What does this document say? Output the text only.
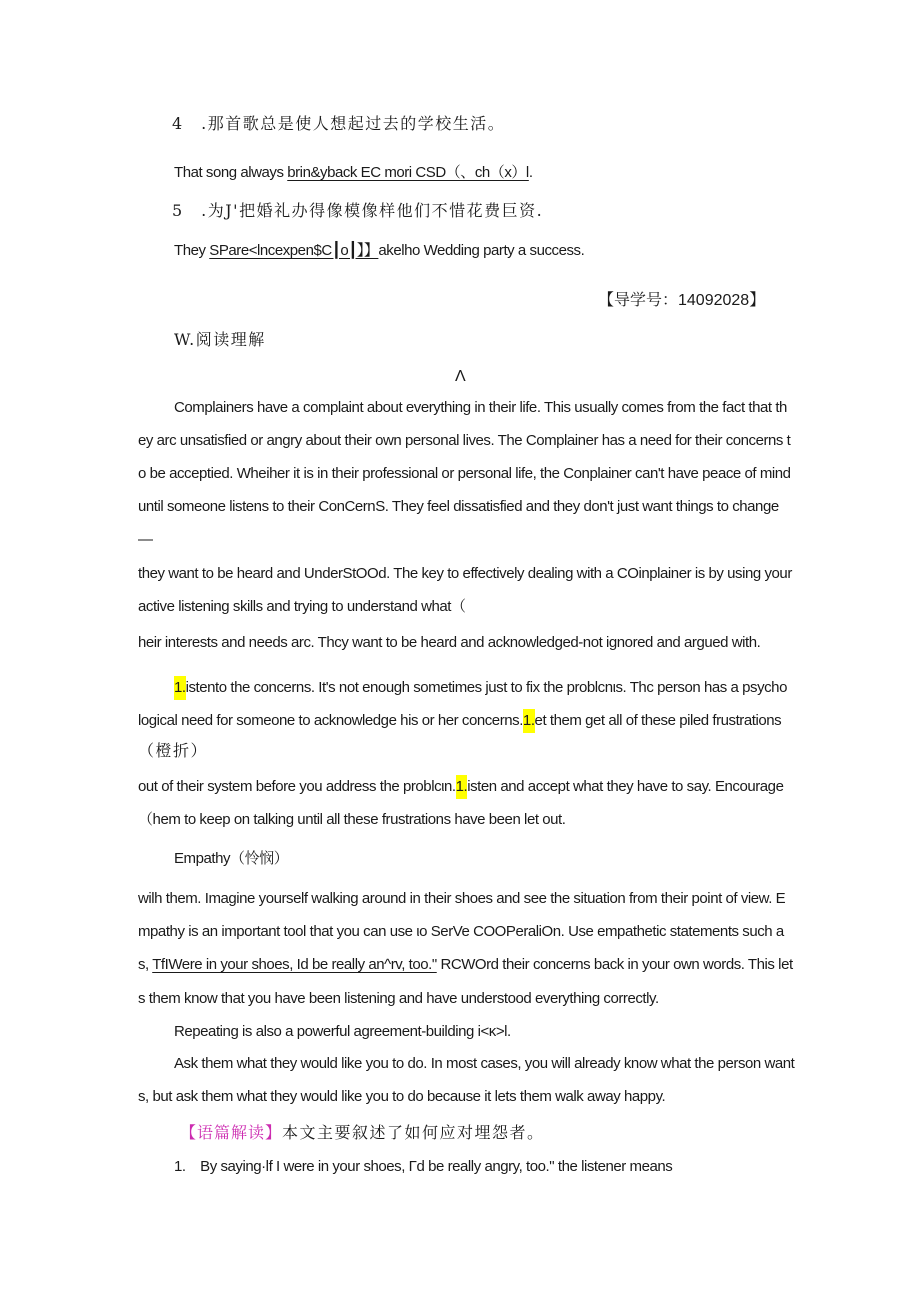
4　.那首歌总是使人想起过去的学校生活。
That song always brin&yback EC mori CSD（、ch（x）l.
5　.为J'把婚礼办得像模像样他们不惜花费巨资.
They SPare<lncexpen$C┃o┃】】akelho Wedding party a success.
【导学号：14092028】
W.阅读理解
Λ
Complainers have a complaint about everything in their life. This usually comes from the fact that th
ey arc unsatisfied or angry about their own personal lives. The Complainer has a need for their concerns t
o be acceptied. Wheiher it is in their professional or personal life, the Conplainer can't have peace of mind
until someone listens to their ConCernS. They feel dissatisfied and they don't just want things to change
—
they want to be heard and UnderStOOd. The key to effectively dealing with a COinplainer is by using your
active listening skills and trying to understand what（
heir interests and needs arc. Thcy want to be heard and acknowledged-not ignored and argued with.
1.istento the concerns. It's not enough sometimes just to fix the problcnιs. Thc person has a psycho
logical need for someone to acknowledge his or her concerns.1.et them get all of these piled frustrations
（橙折）
out of their system before you address the problcιn.1.isten and accept what they have to say. Encourage
（hem to keep on talking until all these frustrations have been let out.
Empathy（怜悯）
wilh them. Imagine yourself walking around in their shoes and see the situation from their point of view. E
mpathy is an important tool that you can use ιo SerVe COOPeraliOn. Use empathetic statements such a
s, TfIWere in your shoes, Id be really an^rv, too." RCWOrd their concerns back in your own words. This let
s them know that you have been listening and have understood everything correctly.
Repeating is also a powerful agreement-building i<κ>l.
Ask them what they would like you to do. In most cases, you will already know what the person want
s, but ask them what they would like you to do because it lets them walk away happy.
【语篇解读】本文主要叙述了如何应对埋怨者。
1.　By saying·lf I were in your shoes, Γd be really angry, too." the listener means
